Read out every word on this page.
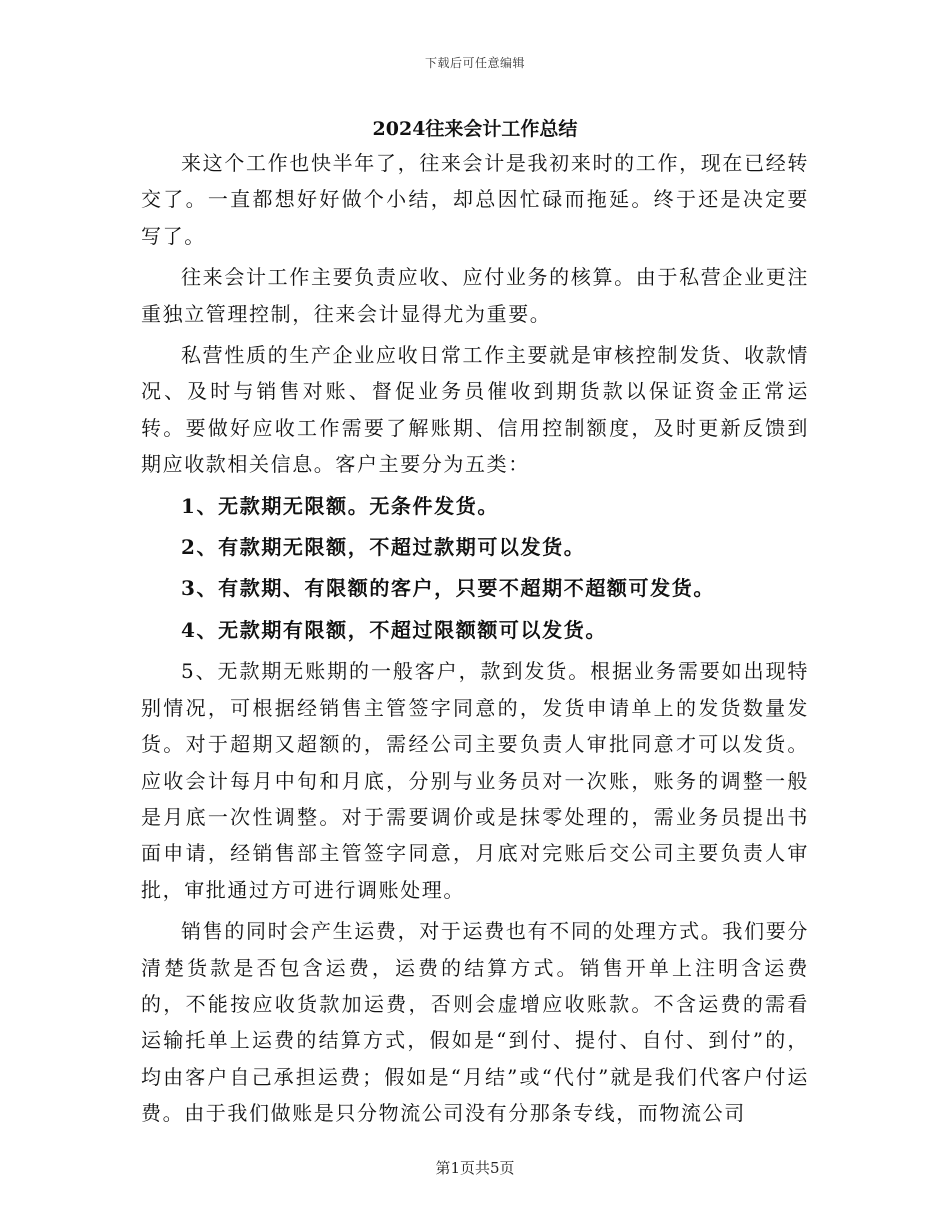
下载后可任意编辑
2024往来会计工作总结

来这个工作也快半年了，往来会计是我初来时的工作，现在已经转交了。一直都想好好做个小结，却总因忙碌而拖延。终于还是决定要写了。

往来会计工作主要负责应收、应付业务的核算。由于私营企业更注重独立管理控制，往来会计显得尤为重要。

私营性质的生产企业应收日常工作主要就是审核控制发货、收款情况、及时与销售对账、督促业务员催收到期货款以保证资金正常运转。要做好应收工作需要了解账期、信用控制额度，及时更新反馈到期应收款相关信息。客户主要分为五类：

1、无款期无限额。无条件发货。

2、有款期无限额，不超过款期可以发货。

3、有款期、有限额的客户，只要不超期不超额可发货。

4、无款期有限额，不超过限额额可以发货。

5、无款期无账期的一般客户，款到发货。根据业务需要如出现特别情况，可根据经销售主管签字同意的，发货申请单上的发货数量发货。对于超期又超额的，需经公司主要负责人审批同意才可以发货。应收会计每月中旬和月底，分别与业务员对一次账，账务的调整一般是月底一次性调整。对于需要调价或是抹零处理的，需业务员提出书面申请，经销售部主管签字同意，月底对完账后交公司主要负责人审批，审批通过方可进行调账处理。

销售的同时会产生运费，对于运费也有不同的处理方式。我们要分清楚货款是否包含运费，运费的结算方式。销售开单上注明含运费的，不能按应收货款加运费，否则会虚增应收账款。不含运费的需看运输托单上运费的结算方式，假如是“到付、提付、自付、到付”的，均由客户自己承担运费；假如是“月结”或“代付”就是我们代客户付运费。由于我们做账是只分物流公司没有分那条专线，而物流公司

第1页共5页
